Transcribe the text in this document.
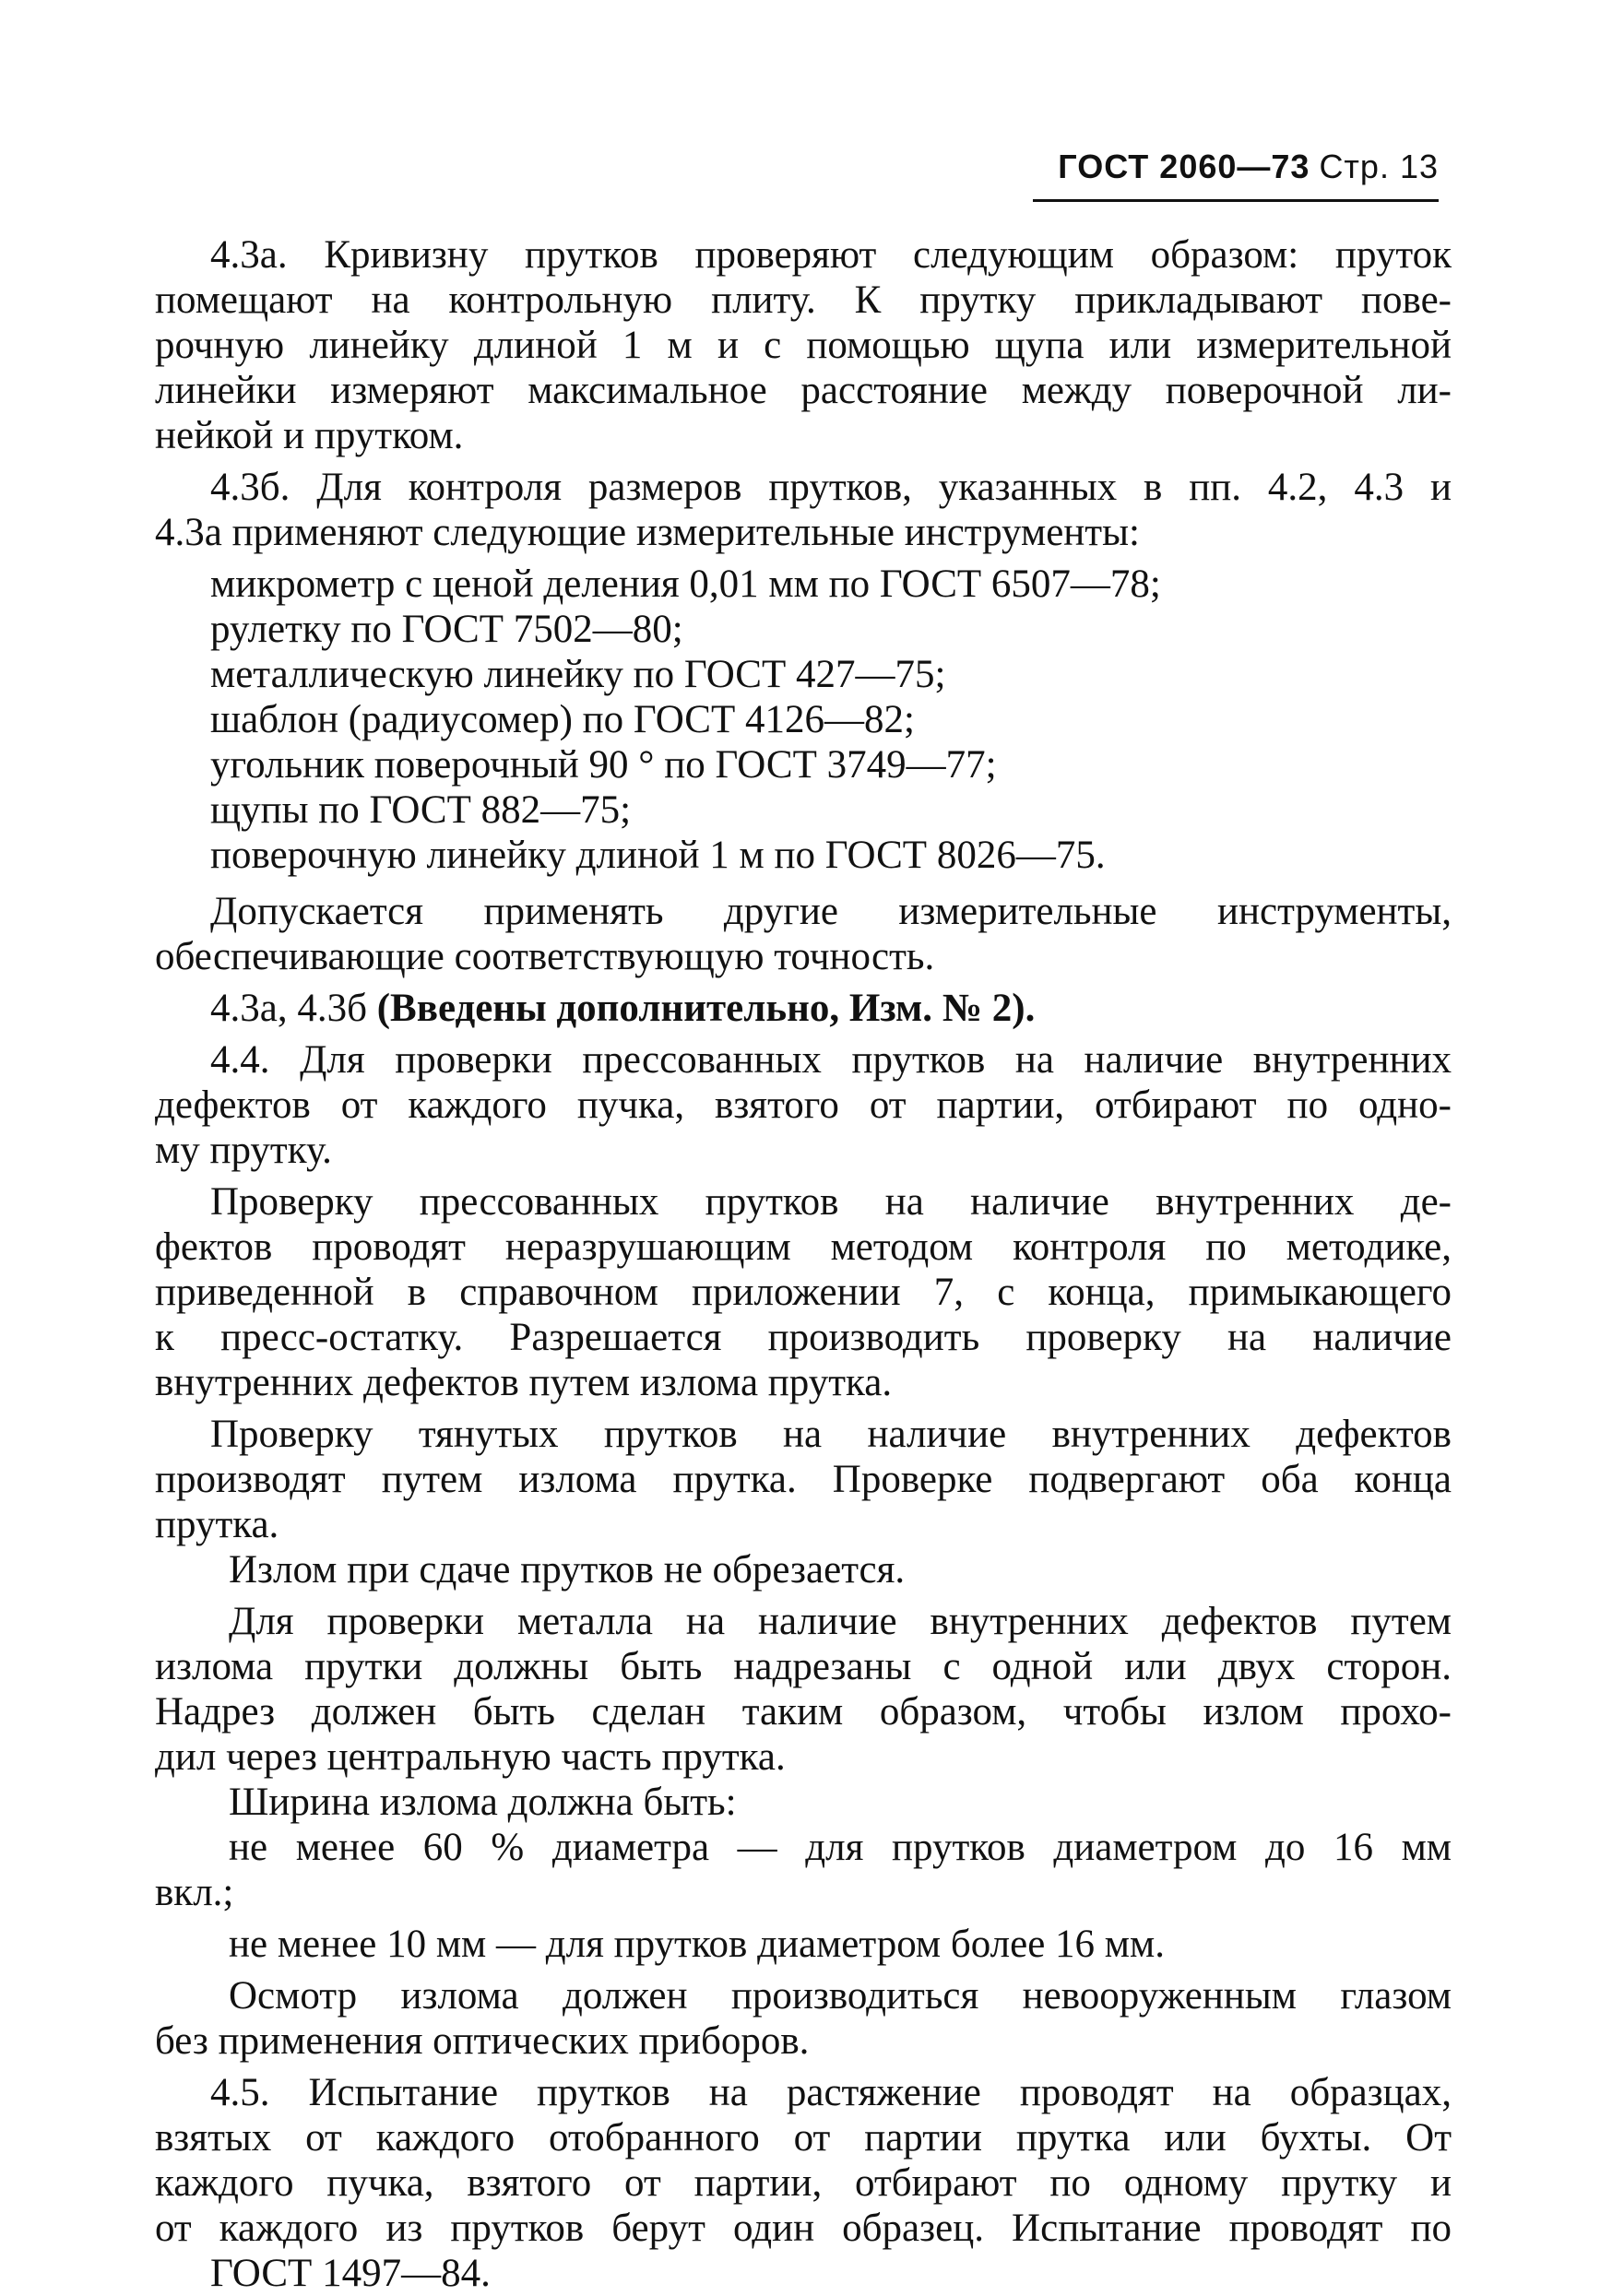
ГОСТ 2060—73 Стр. 13
4.3а. Кривизну прутков проверяют следующим образом: пруток
помещают на контрольную плиту. К прутку прикладывают пове-
рочную линейку длиной 1 м и с помощью щупа или измерительной
линейки измеряют максимальное расстояние между поверочной ли-
нейкой и прутком.
4.3б. Для контроля размеров прутков, указанных в пп. 4.2, 4.3 и
4.3а применяют следующие измерительные инструменты:
микрометр с ценой деления 0,01 мм по ГОСТ 6507—78;
рулетку по ГОСТ 7502—80;
металлическую линейку по ГОСТ 427—75;
шаблон (радиусомер) по ГОСТ 4126—82;
угольник поверочный 90 ° по ГОСТ 3749—77;
щупы по ГОСТ 882—75;
поверочную линейку длиной 1 м по ГОСТ 8026—75.
Допускается применять другие измерительные инструменты,
обеспечивающие соответствующую точность.
4.3а, 4.3б (Введены дополнительно, Изм. № 2).
4.4. Для проверки прессованных прутков на наличие внутренних
дефектов от каждого пучка, взятого от партии, отбирают по одно-
му прутку.
Проверку прессованных прутков на наличие внутренних де-
фектов проводят неразрушающим методом контроля по методике,
приведенной в справочном приложении 7, с конца, примыкающего
к пресс-остатку. Разрешается производить проверку на наличие
внутренних дефектов путем излома прутка.
Проверку тянутых прутков на наличие внутренних дефектов
производят путем излома прутка. Проверке подвергают оба конца
прутка.
Излом при сдаче прутков не обрезается.
Для проверки металла на наличие внутренних дефектов путем
излома прутки должны быть надрезаны с одной или двух сторон.
Надрез должен быть сделан таким образом, чтобы излом прохо-
дил через центральную часть прутка.
Ширина излома должна быть:
не менее 60 % диаметра — для прутков диаметром до 16 мм
вкл.;
не менее 10 мм — для прутков диаметром более 16 мм.
Осмотр излома должен производиться невооруженным глазом
без применения оптических приборов.
4.5. Испытание прутков на растяжение проводят на образцах,
взятых от каждого отобранного от партии прутка или бухты. От
каждого пучка, взятого от партии, отбирают по одному прутку и
от каждого из прутков берут один образец. Испытание проводят по
ГОСТ 1497—84.
